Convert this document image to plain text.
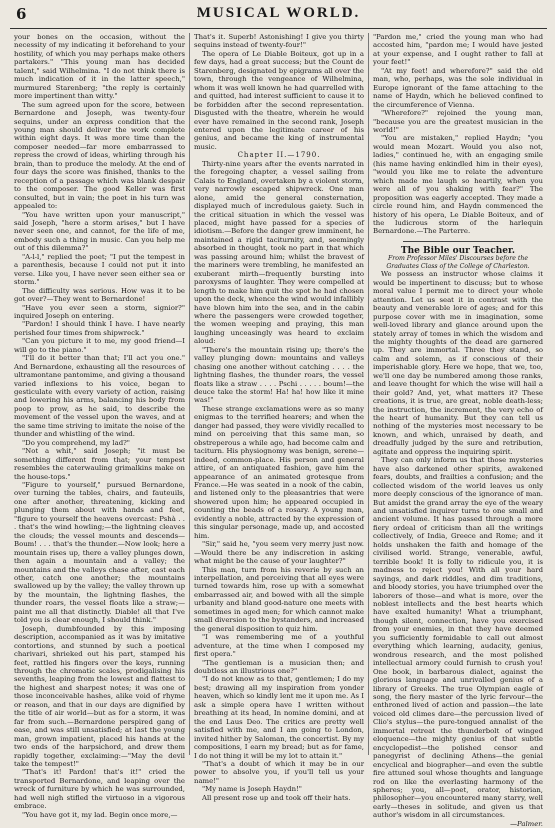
6	MUSICAL WORLD.

your bones on the occasion, without the necessity of my indicating it beforehand to your hostility, of which you may perhaps make others partakers." "This young man has decided talent," said Wilhelmina. "I do not think there is much indication of it in the latter speech," murmured Starenberg; "the reply is certainly more impertinent than witty."

The sum agreed upon for the score, between Bernardone and Joseph, was twenty-four sequins, under an express condition that the young man should deliver the work complete within eight days. It was more time than the composer needed—far more embarrassed to repress the crowd of ideas, whirling through his brain, than to produce the melody. At the end of four days the score was finished, thanks to the reception of a passage which was blank despair to the composer. The good Keller was first consulted, but in vain; the poet in his turn was appealed to:

"You have written upon your manuscript," said Joseph, "here a storm arises," but I have never seen one, and cannot, for the life of me, embody such a thing in music. Can you help me out of this dilemma?"

"A-l-l," replied the poet; "I put the tempest in a parenthesis, because I could not put it into verse. Like you, I have never seen either sea or storm."

The difficulty was serious. How was it to be got over?—They went to Bernardone!

"Have you ever seen a storm, signior?" inquired Joseph on entering.

"Pardon! I should think I have. I have nearly perished four times from shipwreck."

"Can you picture it to me, my good friend—I will go to the piano."

"I'll do it better than that; I'll act you one." And Bernardone, exhausting all the resources of ultramontane pantomime, and giving a thousand varied inflexions to his voice, began to gesticulate with every variety of action, raising and lowering his arms, balancing his body from poop to prow, as he said, to describe the movement of the vessel upon the waves, and at the same time striving to imitate the noise of the thunder and whistling of the wind.

"Do you comprehend, my lad?"

"Not a whit," said Joseph; "it must be something different from that; your tempest resembles the caterwauling grimalkins make on the house-tops."

"Figure to yourself," pursued Bernardone, over turning the tables, chairs, and fauteuils, one after another, threatening, kicking and plunging them about with hands and feet, "figure to yourself the heavens overcast: Pshà . . . that's the wind howling;—the lightning cleaves the clouds; the vessel mounts and descends—Boum! . . . that's the thunder.—Now look; here a mountain rises up, there a valley plunges down, then again a mountain and a valley; the mountains and the valleys chase after, cast each other, catch one another; the mountains swallowed up by the valley; the valley thrown up by the mountain, the lightning flashes, the thunder roars, the vessel floats like a straw;—paint me all that distinctly. Diable! all that I've told you is clear enough, I should think."

Joseph, dumbfounded by this imposing description, accompanied as it was by imitative contortions, and stunned by such a poetical charivari, shrieked out his part, stamped his feet, rattled his fingers over the keys, running through the chromatic scales, prodigalising his sevenths, leaping from the lowest and flattest to the highest and sharpest notes; it was one of those inconceivable hashes, alike void of rhyme or reason, and that in our days are dignified by the title of air world—but as for a storm, it was far from such.—Bernardone perspired gang of ease, and was still unsatisfied; at last the young man, grown impatient, placed his hands at the two ends of the harpsichord, and drew them rapidly together, exclaiming:—"May the devil take the tempest!"

"That's it! Pardon! that's it!" cried the transported Bernardone, and leaping over the wreck of furniture by which he was surrounded, had well nigh stifled the virtuoso in a vigorous embrace.

"You have got it, my lad. Begin once more,—

That's it. Superb! Astonishing! I give you thirty sequins instead of twenty-four!"

The opera of Le Diable Boiteux, got up in a few days, had a great success; but the Count de Starenberg, designated by epigrams all over the town, through the vengeance of Wilhelmina, whom it was well known he had quarrelled with and quitted, had interest sufficient to cause it to be forbidden after the second representation. Disgusted with the theatre, wherein he would ever have remained in the second rank, Joseph entered upon the legitimate career of his genius, and became the king of instrumental music.

Chapter II.—1790.

Thirty-nine years after the events narrated in the foregoing chapter, a vessel sailing from Calais to England, overtaken by a violent storm, very narrowly escaped shipwreck. One man alone, amid the general consternation, displayed much of incredulous gaiety. Such in the critical situation in which the vessel was placed, might have passed for a species of idiotism.—Before the danger grew imminent, he maintained a rigid taciturnity, and, seemingly absorbed in thought, took no part in that which was passing around him; whilst the bravest of the mariners were trembling, he manifested an exuberant mirth—frequently bursting into paroxysms of laughter. They were compelled at length to make him quit the spot he had chosen upon the deck, whence the wind would infallibly have blown him into the sea, and in the cabin where the passengers were crowded together, the women weeping and praying, this man laughing unceasingly was heard to exclaim aloud:

"There's the mountain rising up; there's the valley plunging down: mountains and valleys chasing one another without catching . . . . the lightning flashes, the thunder roars, the vessel floats like a straw . . . . Pschi . . . . . boum!—the deuce take the storm! Ha! ha! how like it mine was!"

These strange exclamations were as so many enigmas to the terrified hearers; and when the danger had passed, they were vividly recalled to mind on perceiving that this same man, so obstreperous a while ago, had become calm and taciturn. His physiognomy was benign, serene—indeed, common-place. His person and general attire, of an antiquated fashion, gave him the appearance of an animated grotesque from France.—He was seated in a nook of the cabin, and listened only to the pleasantries that were showered upon him; he appeared occupied in counting the beads of a rosary. A young man, evidently a noble, attracted by the expression of this singular personage, made up, and accosted him.

"Sir," said he, "you seem very merry just now.—Would there be any indiscretion in asking what might be the cause of your laughter?"

This man, turn from his reverie by such an interpellation, and perceiving that all eyes were turned towards him, rose up with a somewhat embarrassed air, and bowed with all the simple urbanity and bland good-nature one meets with sometimes in aged men; for which cannot make small diversion to the bystanders, and increased the general disposition to quiz him.

"I was remembering me of a youthful adventure, at the time when I composed my first opera."

"The gentleman is a musician then; and doubtless an illustrious one?"

"I do not know as to that, gentlemen; I do my best; drawing all my inspiration from yonder heaven, which so kindly lent me it upon me. As I ask a simple opera have I written without breathing at its head, In nomine domini, and at the end Laus Deo. The critics are pretty well satisfied with me, and I am going to London, invited hither by Saloman, the concertist. By my compositions, I earn my bread; but as for fame, I do not thing it will be my lot to attain it."

"That's a doubt of which it may be in our power to absolve you, if you'll tell us your name!"

"My name is Joseph Haydn!"

All present rose up and took off their hats.

"Pardon me," cried the young man who had accosted him, "pardon me; I would have jested at your expense, and I ought rather to fall at your feet!"

"At my feet! and wherefore?" said the old man, who, perhaps, was the sole individual in Europe ignorant of the fame attaching to the name of Haydn, which he believed confined to the circumference of Vienna.

"Wherefore?" rejoined the young man, "because you are the greatest musician in the world!"

"You are mistaken," replied Haydn; "you would mean Mozart. Would you also not, ladies," continued he, with an engaging smile (his name having enkindled him in their eyes), "would you like me to relate the adventure which made me laugh so heartily, when you were all of you shaking with fear?" The proposition was eagerly accepted. They made a circle round him, and Haydn commenced the history of his opera, Le Diable Boiteux, and of the ludicrous storm of the harlequin Bernardone.—The Parterre.

The Bible our Teacher.

From Professor Miles' Discourses before the Graduates Class of the College of Charleston.

We possess an instructor whose claims it would be impertinent to discuss; but to whose moral value I permit me to direct your whole attention. Let us seat it in contrast with the beauty and venerable lore of ages; and for this purpose cover with me in imagination, some well-loved library and glance around upon the stately array of tomes in which the wisdom and the mighty thoughts of the dead are garnered up. They are immortal. Three they stand, so calm and solemn, as if conscious of their imperishable glory. Here we hope, that we, too, we'll one day be numbered among those ranks, and leave thought for which the wise will hail a their gold? And, yet, what matters it? These creations, it is true, are great, noble death-less; the instruction, the increment, the very echo of the heart of humanity. But they can tell us nothing of the mysteries most necessary to be known, and which, unraised by death, and dreadfully judged by the sure and retribution, agitate and oppress the inquiring spirit.

They can only inform us that those mysteries have also darkened other spirits, awakened fears, doubts, and frailties a confusion; and the collected wisdom of the world leaves us only more deeply conscious of the ignorance of man. But amidst the grand array the eye of the weary and unsatisfied inquirer turns to one small and ancient volume. It has passed through a more fiery ordeal of criticism than all the writings collectively, of India, Greece and Rome; and it holds unshaken the faith and homage of the civilised world. Strange, venerable, awful, terrible book! It is folly to ridicule you, it is madness to reject you! With all your hard sayings, and dark riddles, and dim traditions, and bloody stories, you have triumphed over the laborers of those—and what is more, over the noblest intellects and the best hearts which have exalted humanity! What a triumphant, though silent, connection, have you exercised from your enemies, in that they have deemed you sufficiently formidable to call out almost everything which learning, audacity, genius, wondrous research, and the most polished intellectual armory could furnish to crush you! One book, in barbarous dialect, against the glorious language and unrivalled genius of a library of Greeks. The true Olympian eagle of song, the fiery master of the lyric fervour—the enthroned lived of action and passion—the late voiced old climes dare—the percussion lived of Clio's stylus—the pure-tongued annalist of the immortal retreat the thunderbolt of winged eloquence—the mighty genius of that subtle encyclopedist—the polished censor and panegyrist of declining Athens—the genial encyclical and biographer—and even the subtle fire attuned soul whose thoughts and language rod on like the everlasting harmony of the spheres; you, all—poet, orator, historian, philosopher—you encountered many starry, well early—theses in solitude, and given us that author's wisdom in all circumstances.

—Palmer.
